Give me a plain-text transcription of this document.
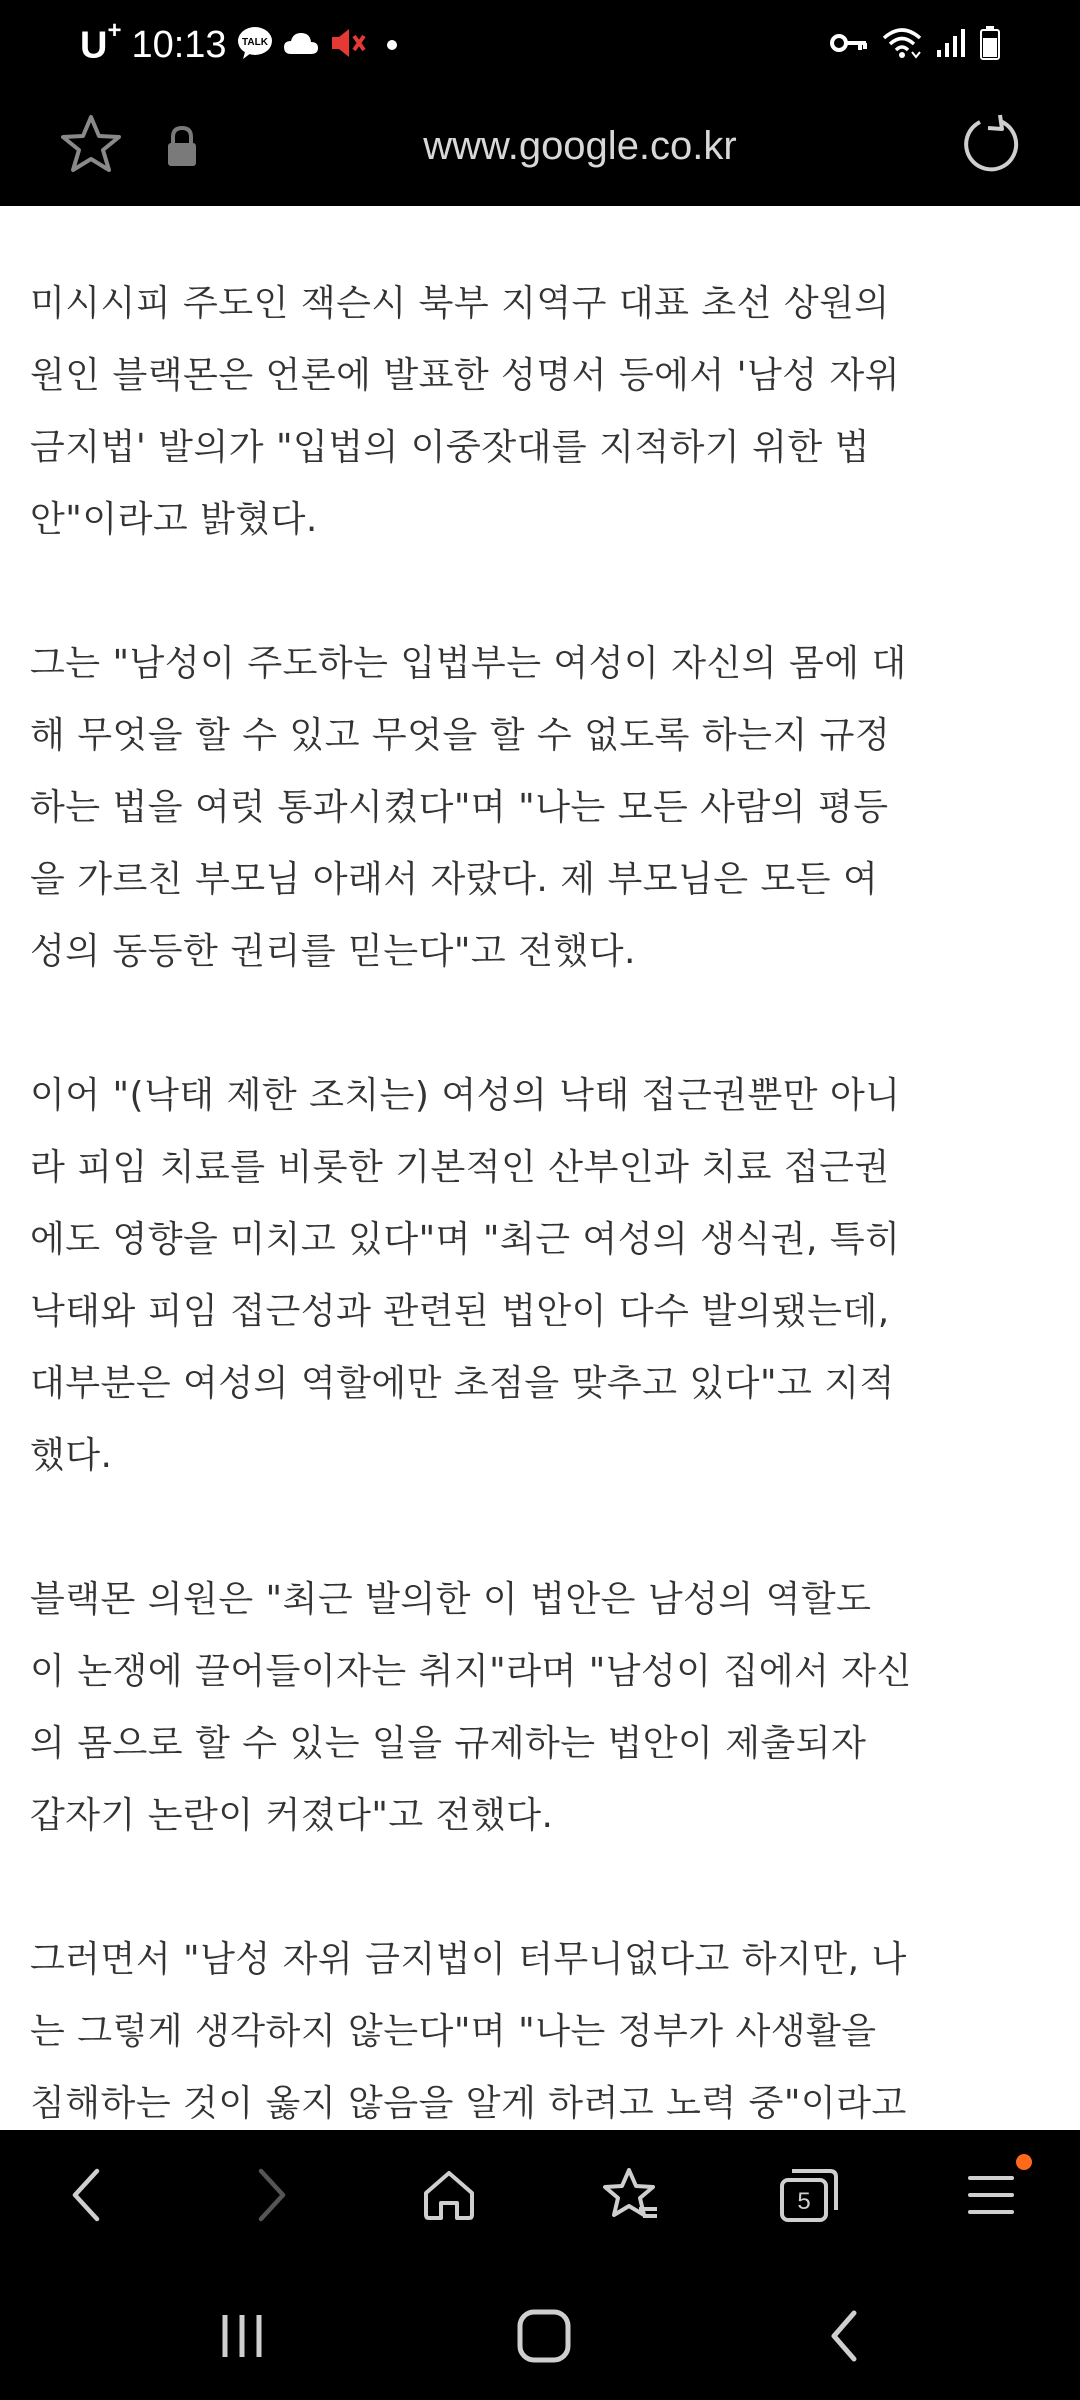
U+ 10:13 TALK
www.google.co.kr

미시시피 주도인 잭슨시 북부 지역구 대표 초선 상원의
원인 블랙몬은 언론에 발표한 성명서 등에서 '남성 자위
금지법' 발의가 "입법의 이중잣대를 지적하기 위한 법
안"이라고 밝혔다.

그는 "남성이 주도하는 입법부는 여성이 자신의 몸에 대
해 무엇을 할 수 있고 무엇을 할 수 없도록 하는지 규정
하는 법을 여럿 통과시켰다"며 "나는 모든 사람의 평등
을 가르친 부모님 아래서 자랐다. 제 부모님은 모든 여
성의 동등한 권리를 믿는다"고 전했다.

이어 "(낙태 제한 조치는) 여성의 낙태 접근권뿐만 아니
라 피임 치료를 비롯한 기본적인 산부인과 치료 접근권
에도 영향을 미치고 있다"며 "최근 여성의 생식권, 특히
낙태와 피임 접근성과 관련된 법안이 다수 발의됐는데,
대부분은 여성의 역할에만 초점을 맞추고 있다"고 지적
했다.

블랙몬 의원은 "최근 발의한 이 법안은 남성의 역할도
이 논쟁에 끌어들이자는 취지"라며 "남성이 집에서 자신
의 몸으로 할 수 있는 일을 규제하는 법안이 제출되자
갑자기 논란이 커졌다"고 전했다.

그러면서 "남성 자위 금지법이 터무니없다고 하지만, 나
는 그렇게 생각하지 않는다"며 "나는 정부가 사생활을
침해하는 것이 옳지 않음을 알게 하려고 노력 중"이라고

5
